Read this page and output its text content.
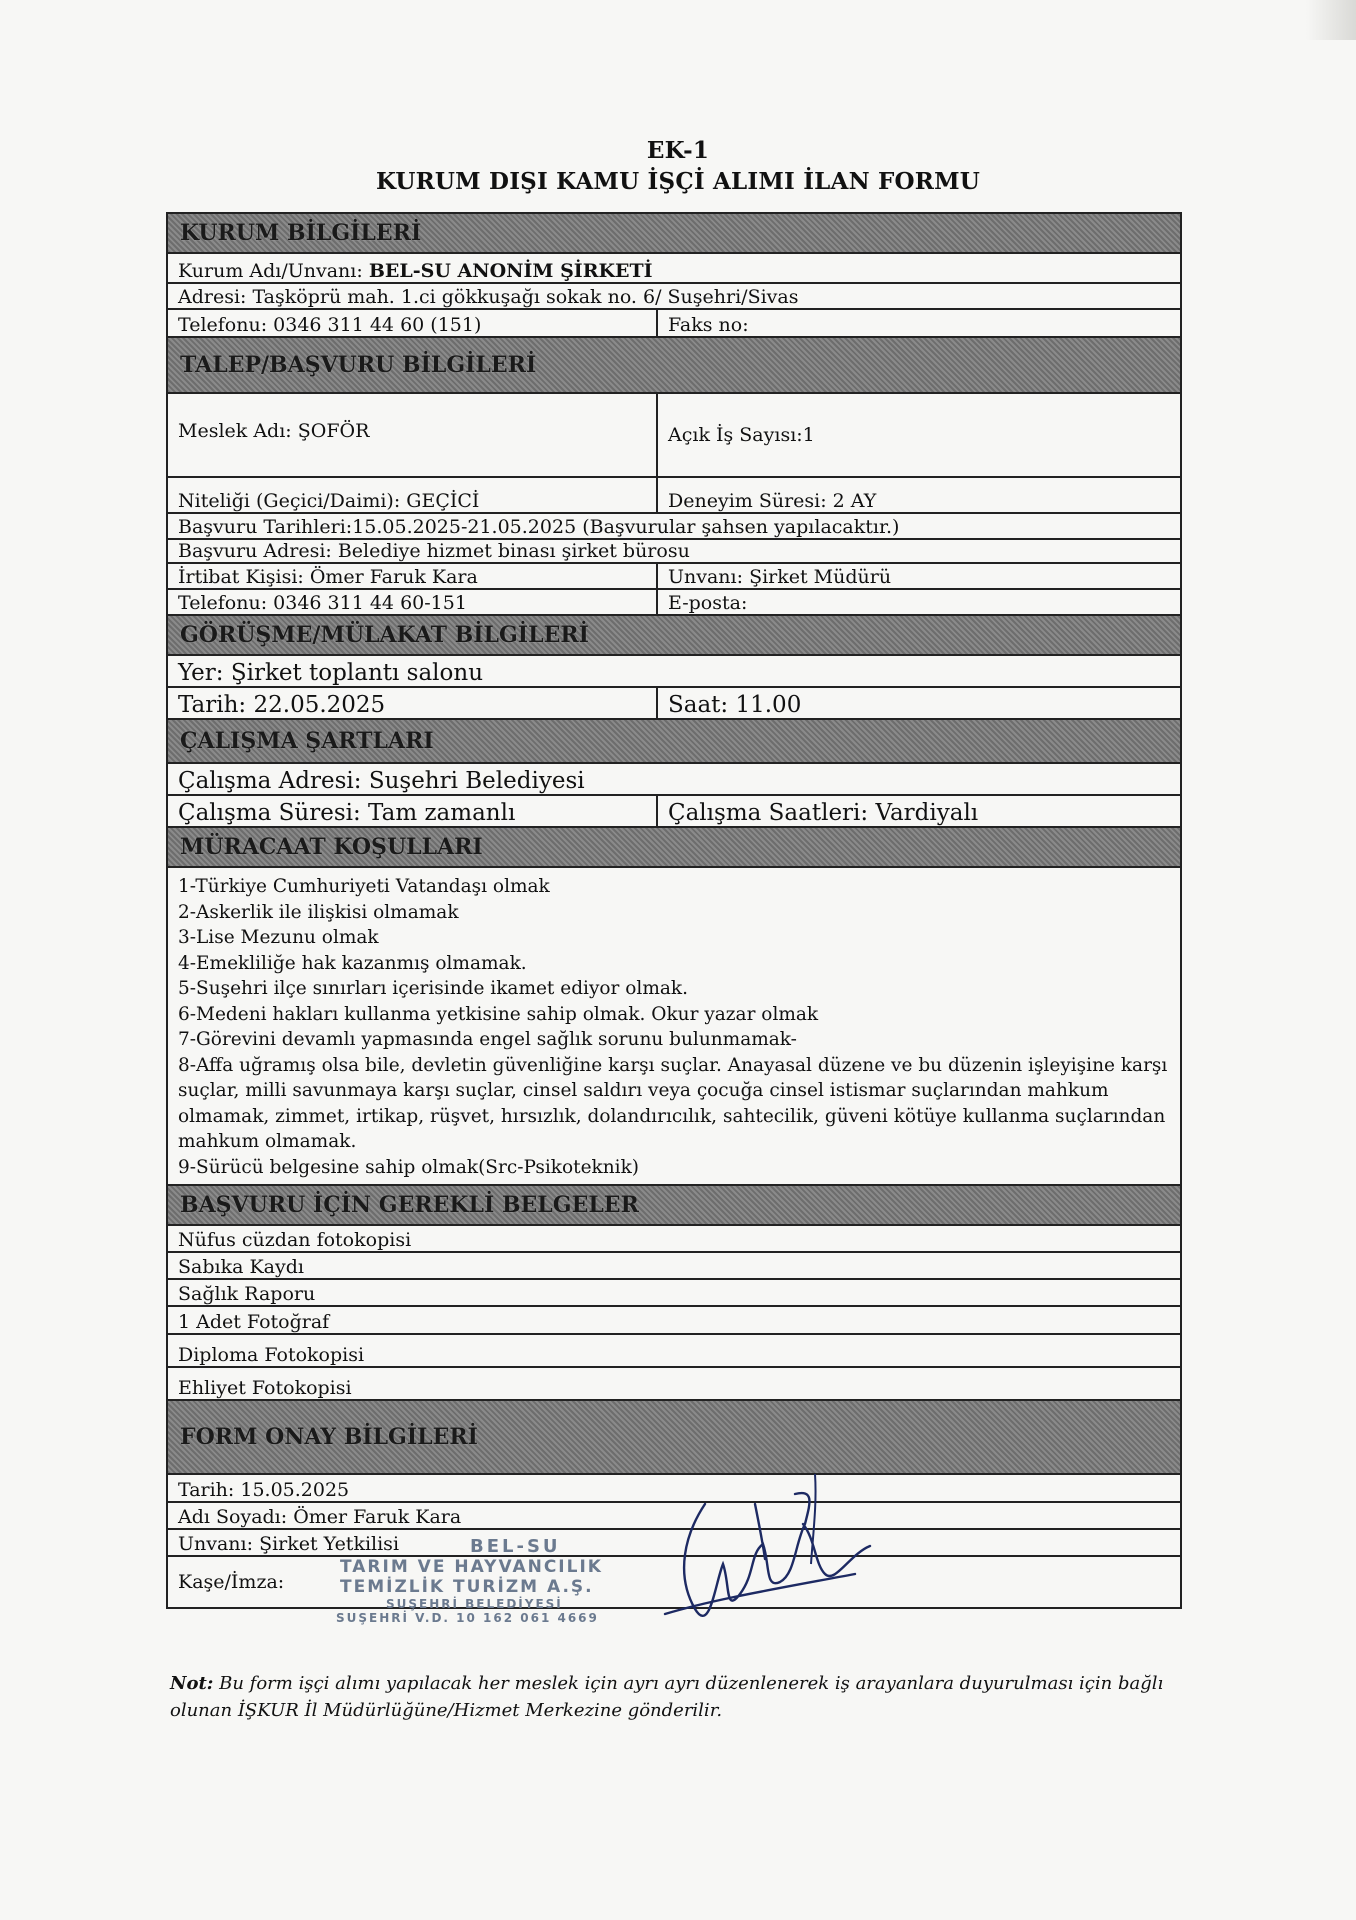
EK-1
KURUM DIŞI KAMU İŞÇİ ALIMI İLAN FORMU
KURUM BİLGİLERİ
Kurum Adı/Unvanı: BEL-SU ANONİM ŞİRKETİ
Adresi: Taşköprü mah. 1.ci gökkuşağı sokak no. 6/ Suşehri/Sivas
Telefonu: 0346 311 44 60 (151)	Faks no:
TALEP/BAŞVURU BİLGİLERİ
Meslek Adı: ŞOFÖR	Açık İş Sayısı:1
Niteliği (Geçici/Daimi): GEÇİCİ	Deneyim Süresi: 2 AY
Başvuru Tarihleri:15.05.2025-21.05.2025 (Başvurular şahsen yapılacaktır.)
Başvuru Adresi: Belediye hizmet binası şirket bürosu
İrtibat Kişisi: Ömer Faruk Kara	Unvanı: Şirket Müdürü
Telefonu: 0346 311 44 60-151	E-posta:
GÖRÜŞME/MÜLAKAT BİLGİLERİ
Yer: Şirket toplantı salonu
Tarih: 22.05.2025	Saat: 11.00
ÇALIŞMA ŞARTLARI
Çalışma Adresi: Suşehri Belediyesi
Çalışma Süresi: Tam zamanlı	Çalışma Saatleri: Vardiyalı
MÜRACAAT KOŞULLARI
1-Türkiye Cumhuriyeti Vatandaşı olmak
2-Askerlik ile ilişkisi olmamak
3-Lise Mezunu olmak
4-Emekliliğe hak kazanmış olmamak.
5-Suşehri ilçe sınırları içerisinde ikamet ediyor olmak.
6-Medeni hakları kullanma yetkisine sahip olmak. Okur yazar olmak
7-Görevini devamlı yapmasında engel sağlık sorunu bulunmamak-
8-Affa uğramış olsa bile, devletin güvenliğine karşı suçlar. Anayasal düzene ve bu düzenin işleyişine karşı suçlar, milli savunmaya karşı suçlar, cinsel saldırı veya çocuğa cinsel istismar suçlarından mahkum olmamak, zimmet, irtikap, rüşvet, hırsızlık, dolandırıcılık, sahtecilik, güveni kötüye kullanma suçlarından mahkum olmamak.
9-Sürücü belgesine sahip olmak(Src-Psikoteknik)
BAŞVURU İÇİN GEREKLİ BELGELER
Nüfus cüzdan fotokopisi
Sabıka Kaydı
Sağlık Raporu
1 Adet Fotoğraf
Diploma Fotokopisi
Ehliyet Fotokopisi
FORM ONAY BİLGİLERİ
Tarih: 15.05.2025
Adı Soyadı: Ömer Faruk Kara
Unvanı: Şirket Yetkilisi
Kaşe/İmza:
BEL-SU
TARIM VE HAYVANCILIK
TEMİZLİK TURİZM A.Ş.
SUŞEHRİ BELEDİYESİ
SUŞEHRİ V.D. 10 162 061 4669
Not: Bu form işçi alımı yapılacak her meslek için ayrı ayrı düzenlenerek iş arayanlara duyurulması için bağlı olunan İŞKUR İl Müdürlüğüne/Hizmet Merkezine gönderilir.
